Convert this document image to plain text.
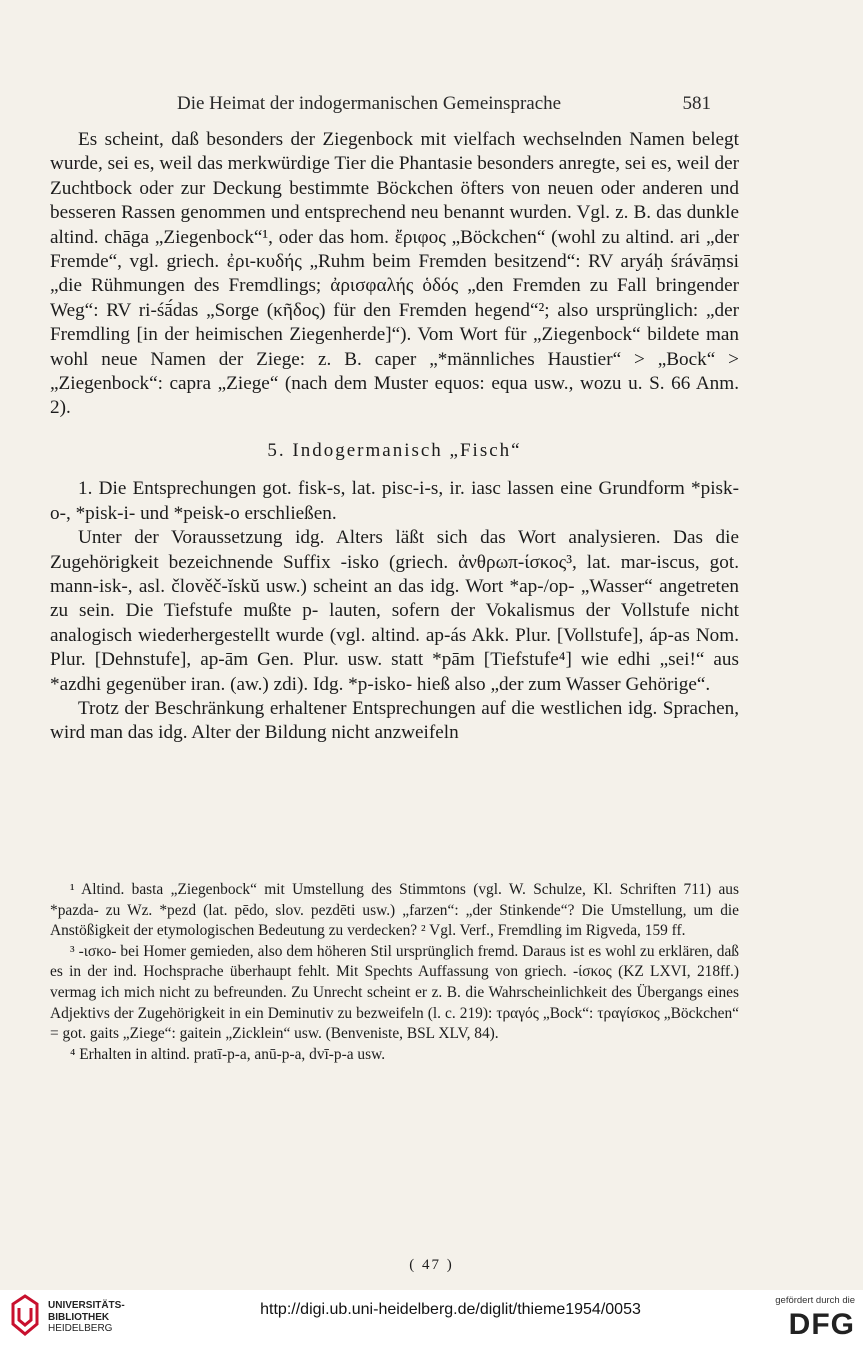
Die Heimat der indogermanischen Gemeinsprache	581

Es scheint, daß besonders der Ziegenbock mit vielfach wechselnden Namen belegt wurde, sei es, weil das merkwürdige Tier die Phantasie besonders anregte, sei es, weil der Zuchtbock oder zur Deckung bestimmte Böckchen öfters von neuen oder anderen und besseren Rassen genommen und entsprechend neu benannt wurden. Vgl. z. B. das dunkle altind. chāga „Ziegenbock“¹, oder das hom. ἔριφος „Böckchen“ (wohl zu altind. ari „der Fremde“, vgl. griech. ἐρι-κυδής „Ruhm beim Fremden besitzend“: RV aryáḥ śrávāṃsi „die Rühmungen des Fremdlings; ἀρισφαλής ὁδός „den Fremden zu Fall bringender Weg“: RV ri-śā́das „Sorge (κῆδος) für den Fremden hegend“²; also ursprünglich: „der Fremdling [in der heimischen Ziegenherde]“). Vom Wort für „Ziegenbock“ bildete man wohl neue Namen der Ziege: z. B. caper „*männliches Haustier“ > „Bock“ > „Ziegenbock“: capra „Ziege“ (nach dem Muster equos: equa usw., wozu u. S. 66 Anm. 2).

5. Indogermanisch „Fisch“

1. Die Entsprechungen got. fisk-s, lat. pisc-i-s, ir. iasc lassen eine Grundform *pisk-o-, *pisk-i- und *peisk-o erschließen.

Unter der Voraussetzung idg. Alters läßt sich das Wort analysieren. Das die Zugehörigkeit bezeichnende Suffix -isko (griech. ἀνθρωπ-ίσκος³, lat. mar-iscus, got. mann-isk-, asl. člověč-ĭskŭ usw.) scheint an das idg. Wort *ap-/op- „Wasser“ angetreten zu sein. Die Tiefstufe mußte p- lauten, sofern der Vokalismus der Vollstufe nicht analogisch wiederhergestellt wurde (vgl. altind. ap-ás Akk. Plur. [Vollstufe], áp-as Nom. Plur. [Dehnstufe], ap-ām Gen. Plur. usw. statt *pām [Tiefstufe⁴] wie edhi „sei!“ aus *azdhi gegenüber iran. (aw.) zdi). Idg. *p-isko- hieß also „der zum Wasser Gehörige“.

Trotz der Beschränkung erhaltener Entsprechungen auf die westlichen idg. Sprachen, wird man das idg. Alter der Bildung nicht anzweifeln

¹ Altind. basta „Ziegenbock“ mit Umstellung des Stimmtons (vgl. W. Schulze, Kl. Schriften 711) aus *pazda- zu Wz. *pezd (lat. pēdo, slov. pezdēti usw.) „farzen“: „der Stinkende“? Die Umstellung, um die Anstößigkeit der etymologischen Bedeutung zu verdecken? ² Vgl. Verf., Fremdling im Rigveda, 159 ff.

³ -ισκο- bei Homer gemieden, also dem höheren Stil ursprünglich fremd. Daraus ist es wohl zu erklären, daß es in der ind. Hochsprache überhaupt fehlt. Mit Spechts Auffassung von griech. -ίσκος (KZ LXVI, 218ff.) vermag ich mich nicht zu befreunden. Zu Unrecht scheint er z. B. die Wahrscheinlichkeit des Übergangs eines Adjektivs der Zugehörigkeit in ein Deminutiv zu bezweifeln (l. c. 219): τραγός „Bock“: τραγίσκος „Böckchen“ = got. gaits „Ziege“: gaitein „Zicklein“ usw. (Benveniste, BSL XLV, 84).

⁴ Erhalten in altind. pratī-p-a, anū-p-a, dvī-p-a usw.

( 47 )
UNIVERSITÄTS-
BIBLIOTHEK
HEIDELBERG
http://digi.ub.uni-heidelberg.de/diglit/thieme1954/0053
gefördert durch die
DFG
